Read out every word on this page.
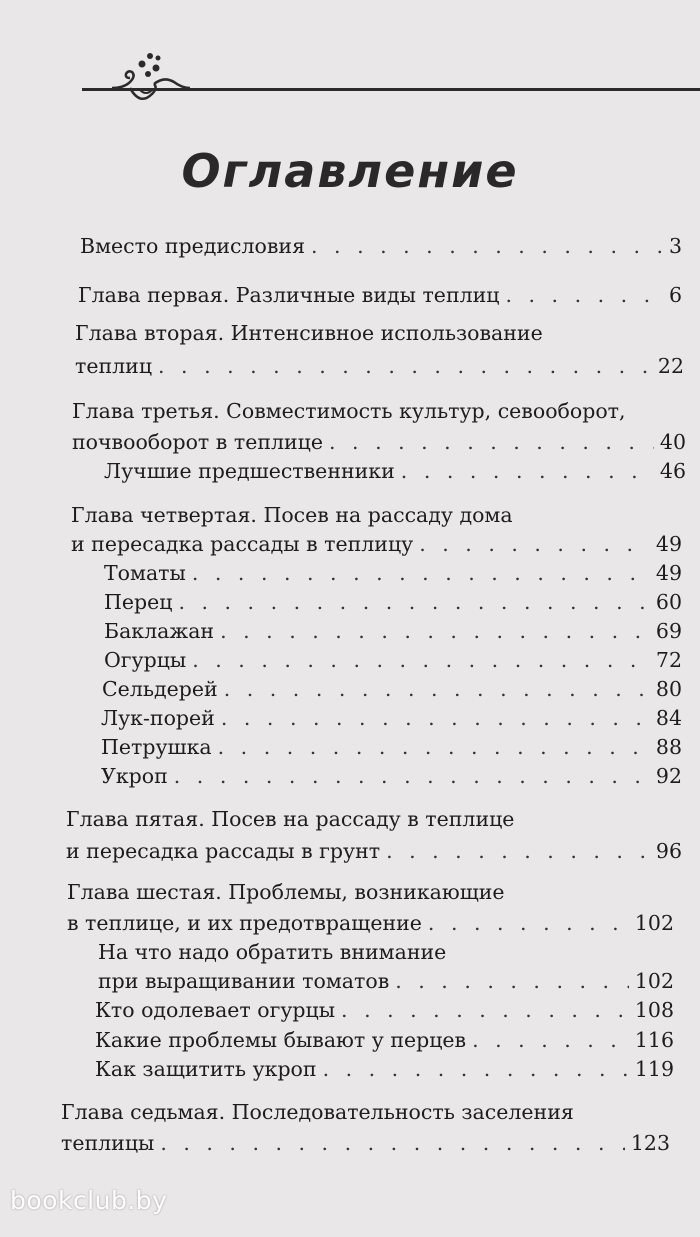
Оглавление
Вместо предисловия . . .	3
Глава первая. Различные виды теплиц . . .	6
Глава вторая. Интенсивное использование
теплиц . . .	22
Глава третья. Совместимость культур, севооборот,
почвооборот в теплице . . .	40
Лучшие предшественники . . .	46
Глава четвертая. Посев на рассаду дома
и пересадка рассады в теплицу . . .	49
Томаты . . .	49
Перец . . .	60
Баклажан . . .	69
Огурцы . . .	72
Сельдерей . . .	80
Лук-порей . . .	84
Петрушка . . .	88
Укроп . . .	92
Глава пятая. Посев на рассаду в теплице
и пересадка рассады в грунт . . .	96
Глава шестая. Проблемы, возникающие
в теплице, и их предотвращение . . .	102
На что надо обратить внимание
при выращивании томатов . . .	102
Кто одолевает огурцы . . .	108
Какие проблемы бывают у перцев . . .	116
Как защитить укроп . . .	119
Глава седьмая. Последовательность заселения
теплицы . . .	123
bookclub.by
